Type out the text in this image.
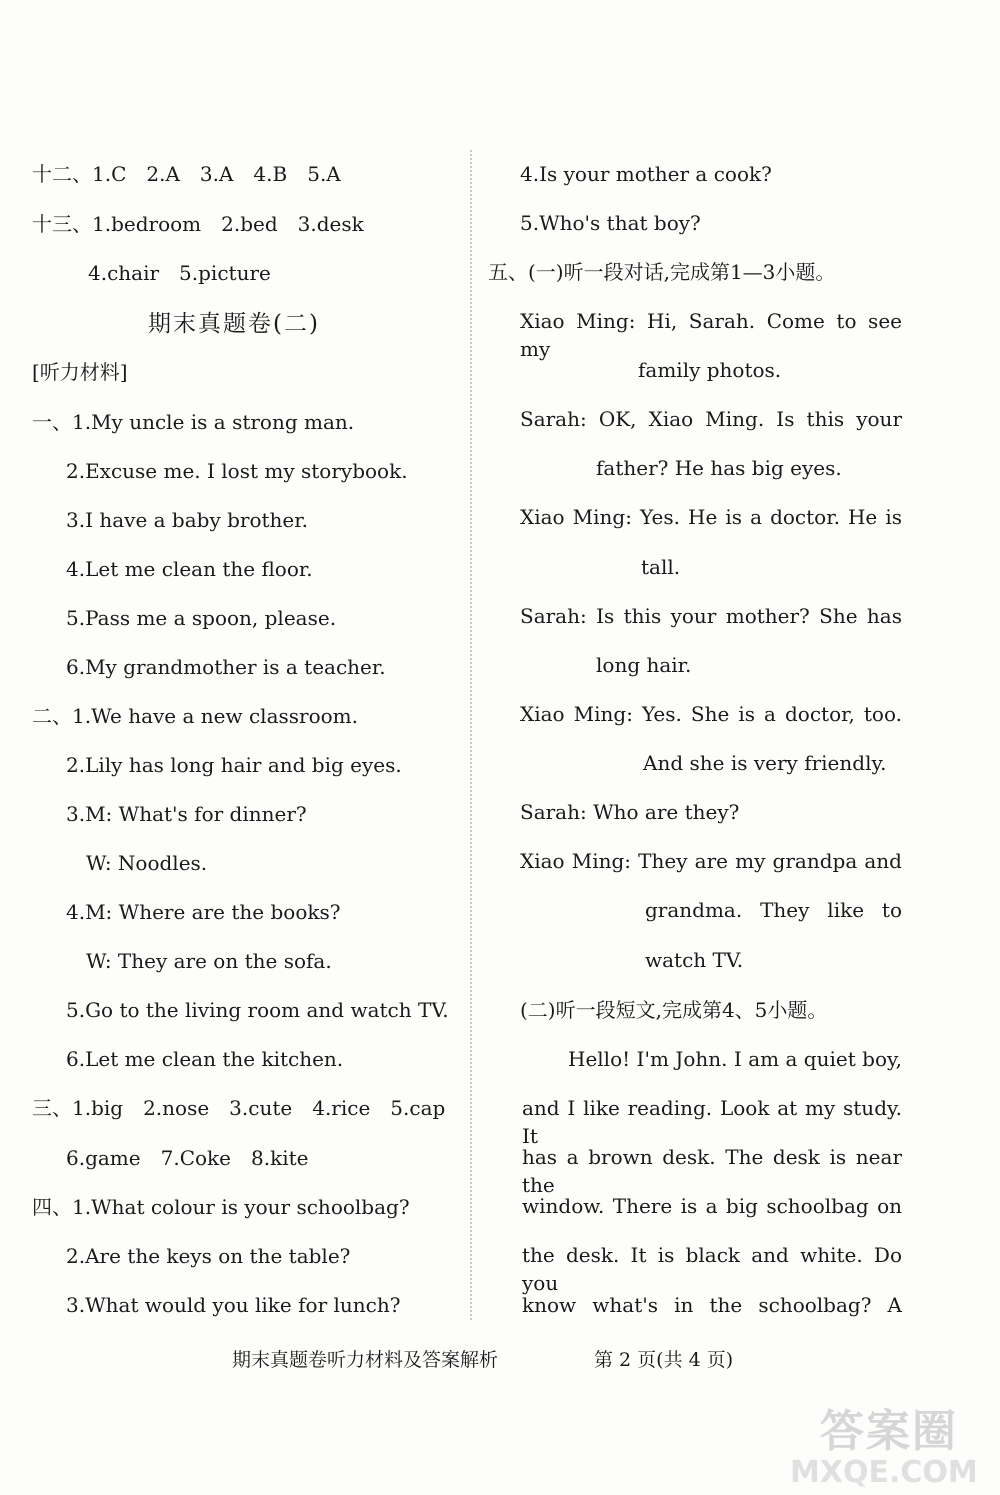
十二、1.C　2.A　3.A　4.B　5.A
十三、1.bedroom　2.bed　3.desk
4.chair　5.picture
期末真题卷(二)
[听力材料]
一、1.My uncle is a strong man.
2.Excuse me. I lost my storybook.
3.I have a baby brother.
4.Let me clean the floor.
5.Pass me a spoon, please.
6.My grandmother is a teacher.
二、1.We have a new classroom.
2.Lily has long hair and big eyes.
3.M: What's for dinner?
W: Noodles.
4.M: Where are the books?
W: They are on the sofa.
5.Go to the living room and watch TV.
6.Let me clean the kitchen.
三、1.big　2.nose　3.cute　4.rice　5.cap
6.game　7.Coke　8.kite
四、1.What colour is your schoolbag?
2.Are the keys on the table?
3.What would you like for lunch?
4.Is your mother a cook?
5.Who's that boy?
五、(一)听一段对话,完成第1—3小题。
Xiao Ming: Hi, Sarah. Come to see my
family photos.
Sarah: OK, Xiao Ming. Is this your
father? He has big eyes.
Xiao Ming: Yes. He is a doctor. He is
tall.
Sarah: Is this your mother? She has
long hair.
Xiao Ming: Yes. She is a doctor, too.
And she is very friendly.
Sarah: Who are they?
Xiao Ming: They are my grandpa and
grandma. They like to
watch TV.
(二)听一段短文,完成第4、5小题。
Hello! I'm John. I am a quiet boy,
and I like reading. Look at my study. It
has a brown desk. The desk is near the
window. There is a big schoolbag on
the desk. It is black and white. Do you
know what's in the schoolbag? A
期末真题卷听力材料及答案解析	第 2 页(共 4 页)
答案圈
MXQE.COM
